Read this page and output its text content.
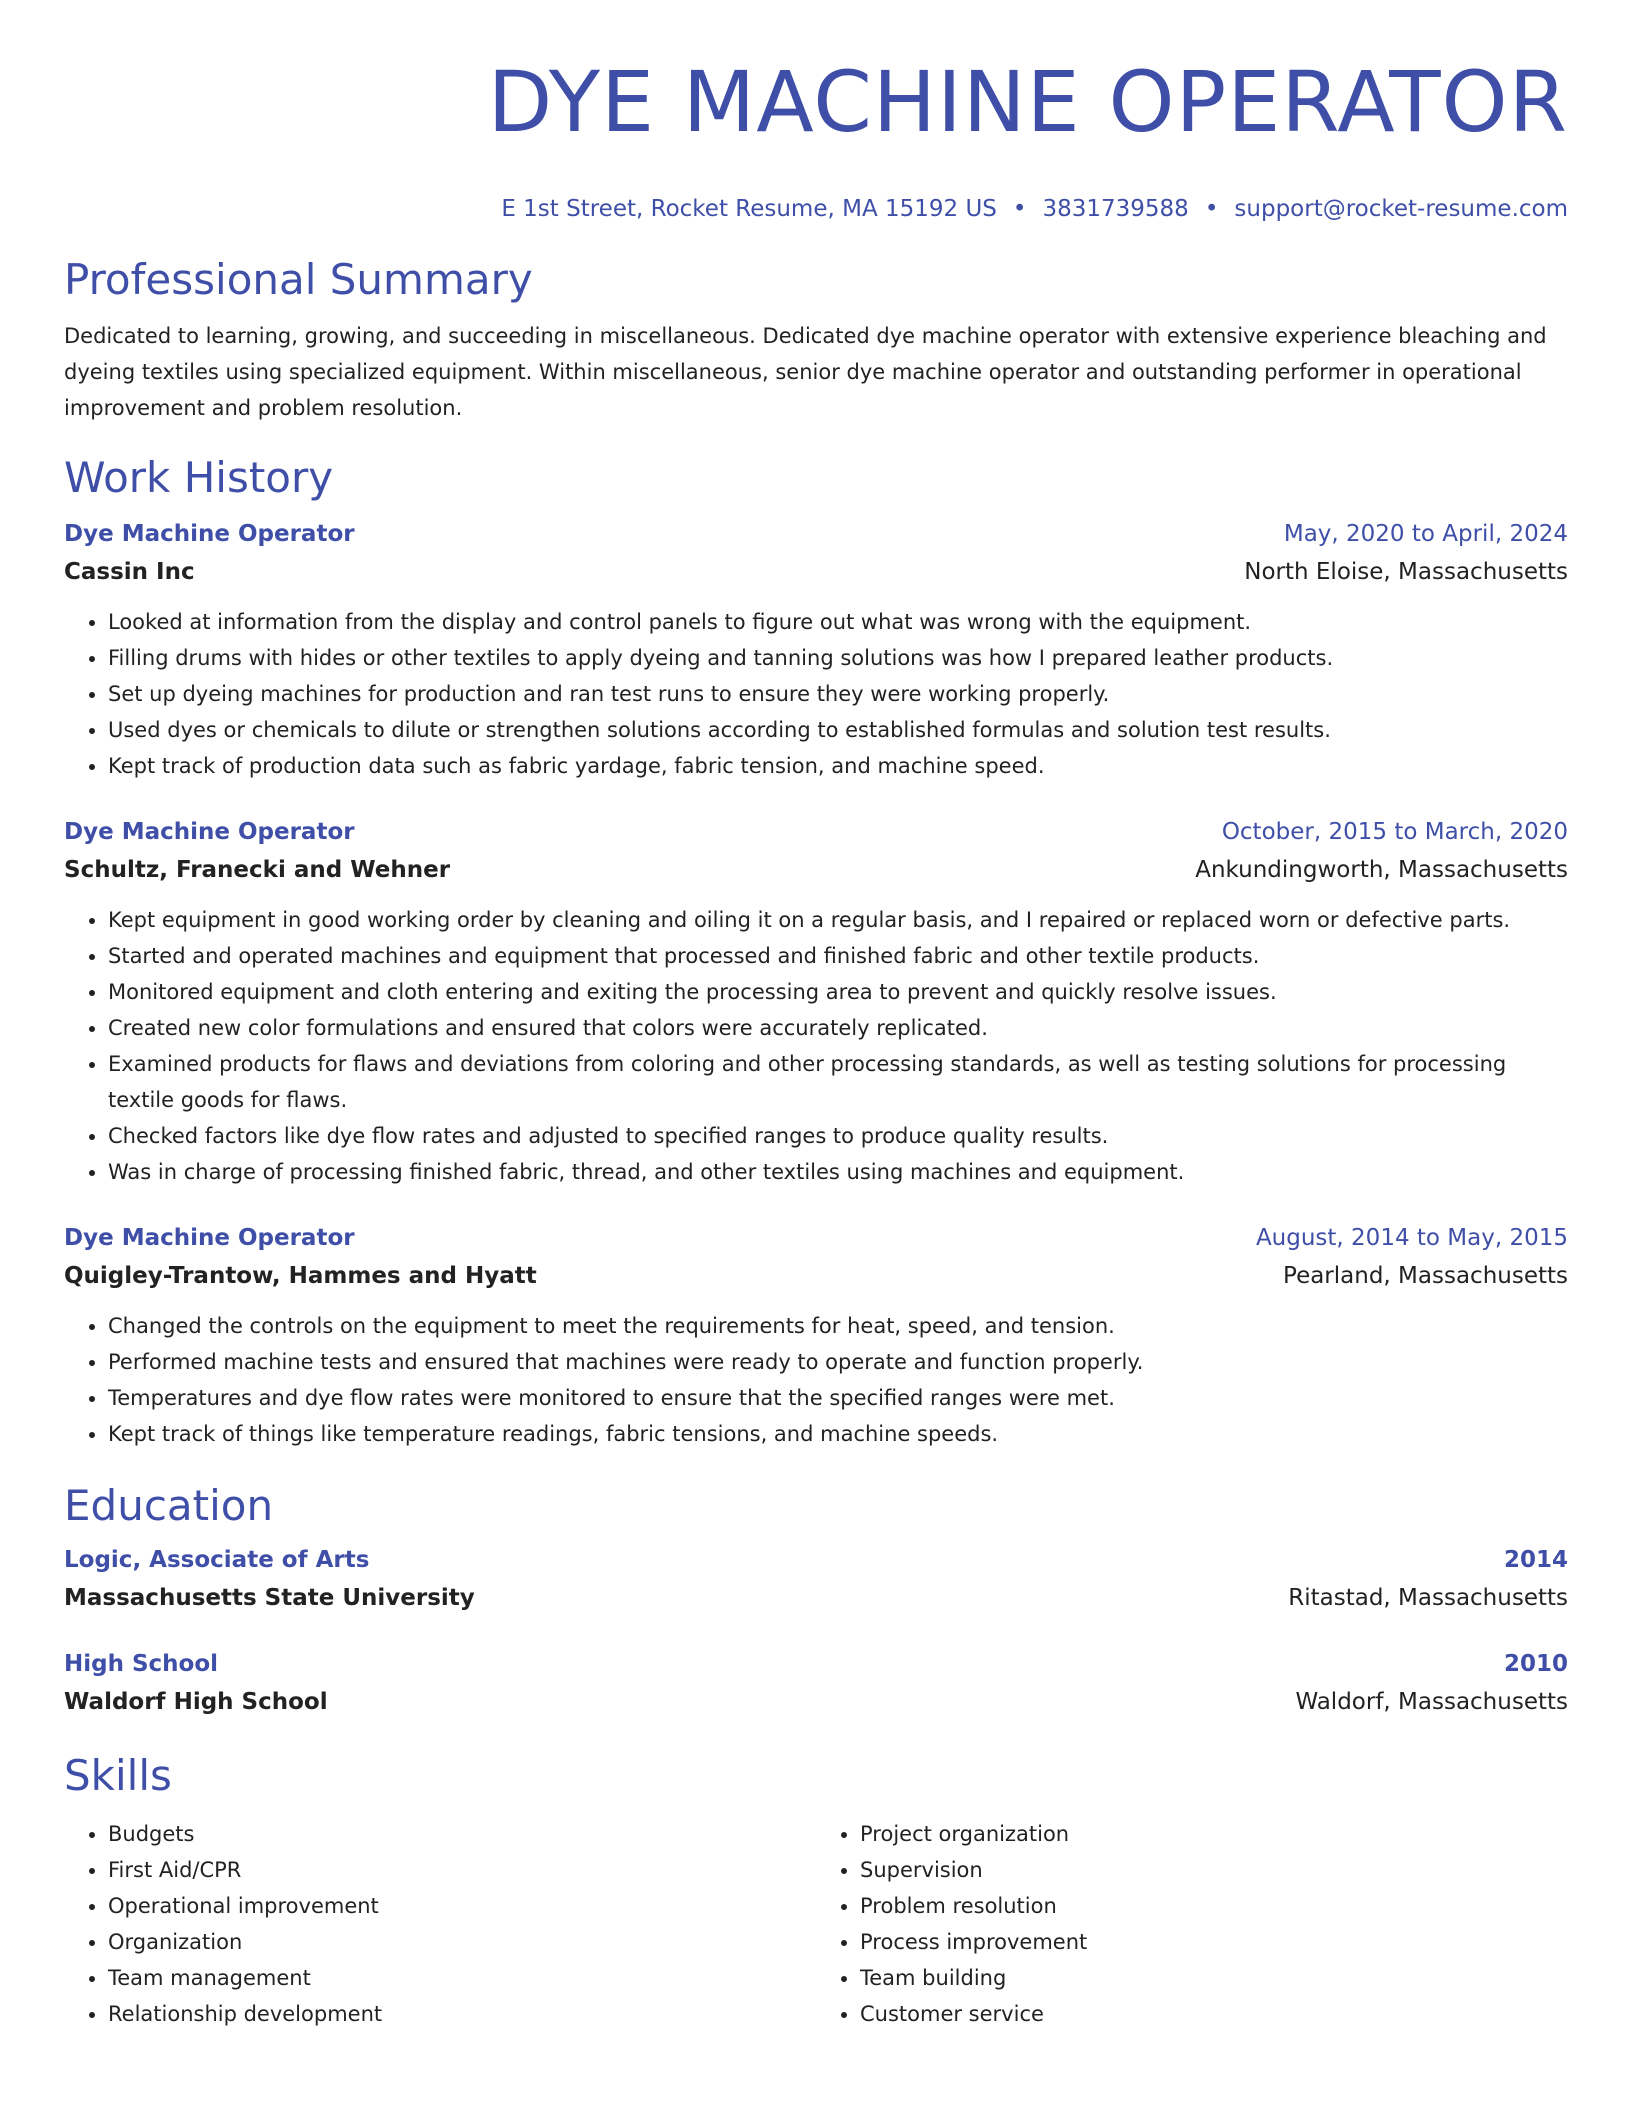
DYE MACHINE OPERATOR
E 1st Street, Rocket Resume, MA 15192 US • 3831739588 • support@rocket-resume.com
Professional Summary

Dedicated to learning, growing, and succeeding in miscellaneous. Dedicated dye machine operator with extensive experience bleaching and dyeing textiles using specialized equipment. Within miscellaneous, senior dye machine operator and outstanding performer in operational improvement and problem resolution.

Work History
Dye Machine Operator	May, 2020 to April, 2024
Cassin Inc	North Eloise, Massachusetts
• Looked at information from the display and control panels to figure out what was wrong with the equipment.
• Filling drums with hides or other textiles to apply dyeing and tanning solutions was how I prepared leather products.
• Set up dyeing machines for production and ran test runs to ensure they were working properly.
• Used dyes or chemicals to dilute or strengthen solutions according to established formulas and solution test results.
• Kept track of production data such as fabric yardage, fabric tension, and machine speed.
Dye Machine Operator	October, 2015 to March, 2020
Schultz, Franecki and Wehner	Ankundingworth, Massachusetts
• Kept equipment in good working order by cleaning and oiling it on a regular basis, and I repaired or replaced worn or defective parts.
• Started and operated machines and equipment that processed and finished fabric and other textile products.
• Monitored equipment and cloth entering and exiting the processing area to prevent and quickly resolve issues.
• Created new color formulations and ensured that colors were accurately replicated.
• Examined products for flaws and deviations from coloring and other processing standards, as well as testing solutions for processing textile goods for flaws.
• Checked factors like dye flow rates and adjusted to specified ranges to produce quality results.
• Was in charge of processing finished fabric, thread, and other textiles using machines and equipment.
Dye Machine Operator	August, 2014 to May, 2015
Quigley-Trantow, Hammes and Hyatt	Pearland, Massachusetts
• Changed the controls on the equipment to meet the requirements for heat, speed, and tension.
• Performed machine tests and ensured that machines were ready to operate and function properly.
• Temperatures and dye flow rates were monitored to ensure that the specified ranges were met.
• Kept track of things like temperature readings, fabric tensions, and machine speeds.
Education
Logic, Associate of Arts	2014
Massachusetts State University	Ritastad, Massachusetts
High School	2010
Waldorf High School	Waldorf, Massachusetts
Skills
• Budgets
• First Aid/CPR
• Operational improvement
• Organization
• Team management
• Relationship development
• Project organization
• Supervision
• Problem resolution
• Process improvement
• Team building
• Customer service
